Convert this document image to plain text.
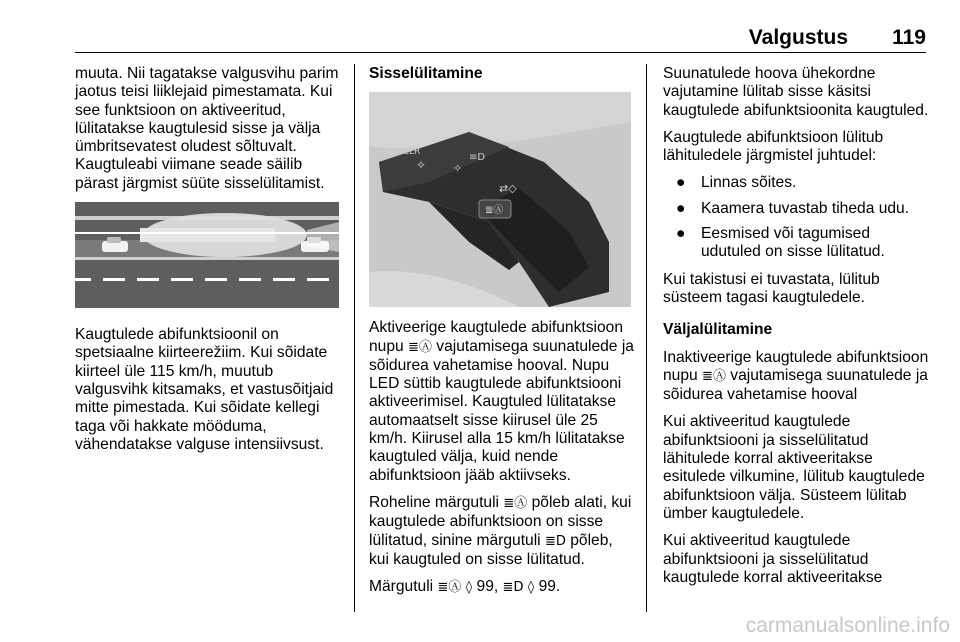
Valgustus 119

muuta. Nii tagatakse valgusvihu parim jaotus teisi liiklejaid pimestamata. Kui see funktsioon on aktiveeritud, lülitatakse kaugtulesid sisse ja välja ümbritsevatest oludest sõltuvalt. Kaugtuleabi viimane seade säilib pärast järgmist süüte sisselülitamist.

Kaugtulede abifunktsioonil on spetsiaalne kiirteerežiim. Kui sõidate kiirteel üle 115 km/h, muutub valgusvihk kitsamaks, et vastusõitjaid mitte pimestada. Kui sõidate kellegi taga või hakkate mööduma, vähendatakse valguse intensiivsust.

Sisselülitamine

SET CLR
⟡	≡D
⇄◇
≣Ⓐ
✧

Aktiveerige kaugtulede abifunktsioon nupu ≣Ⓐ vajutamisega suunatulede ja sõidurea vahetamise hooval. Nupu LED süttib kaugtulede abifunktsiooni aktiveerimisel. Kaugtuled lülitatakse automaatselt sisse kiirusel üle 25 km/h. Kiirusel alla 15 km/h lülitatakse kaugtuled välja, kuid nende abifunktsioon jääb aktiivseks.

Roheline märgutuli ≣Ⓐ põleb alati, kui kaugtulede abifunktsioon on sisse lülitatud, sinine märgutuli ≣D põleb, kui kaugtuled on sisse lülitatud.

Märgutuli ≣Ⓐ ◊ 99, ≣D ◊ 99.

Suunatulede hoova ühekordne vajutamine lülitab sisse käsitsi kaugtulede abifunktsioonita kaugtuled.

Kaugtulede abifunktsioon lülitub lähituledele järgmistel juhtudel:

● Linnas sõites.
● Kaamera tuvastab tiheda udu.
● Eesmised või tagumised udutuled on sisse lülitatud.

Kui takistusi ei tuvastata, lülitub süsteem tagasi kaugtuledele.

Väljalülitamine

Inaktiveerige kaugtulede abifunktsioon nupu ≣Ⓐ vajutamisega suunatulede ja sõidurea vahetamise hooval

Kui aktiveeritud kaugtulede abifunktsiooni ja sisselülitatud lähitulede korral aktiveeritakse esitulede vilkumine, lülitub kaugtulede abifunktsioon välja. Süsteem lülitab ümber kaugtuledele.

Kui aktiveeritud kaugtulede abifunktsiooni ja sisselülitatud kaugtulede korral aktiveeritakse

carmanualsonline.info
